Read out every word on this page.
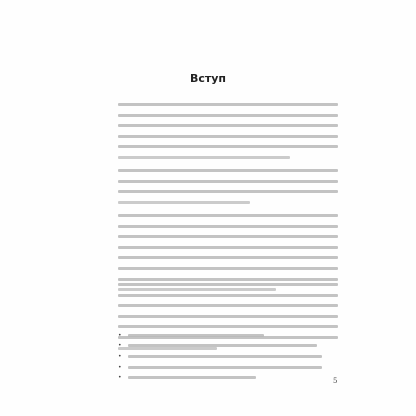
Вступ
•
•
•
•
•	5
